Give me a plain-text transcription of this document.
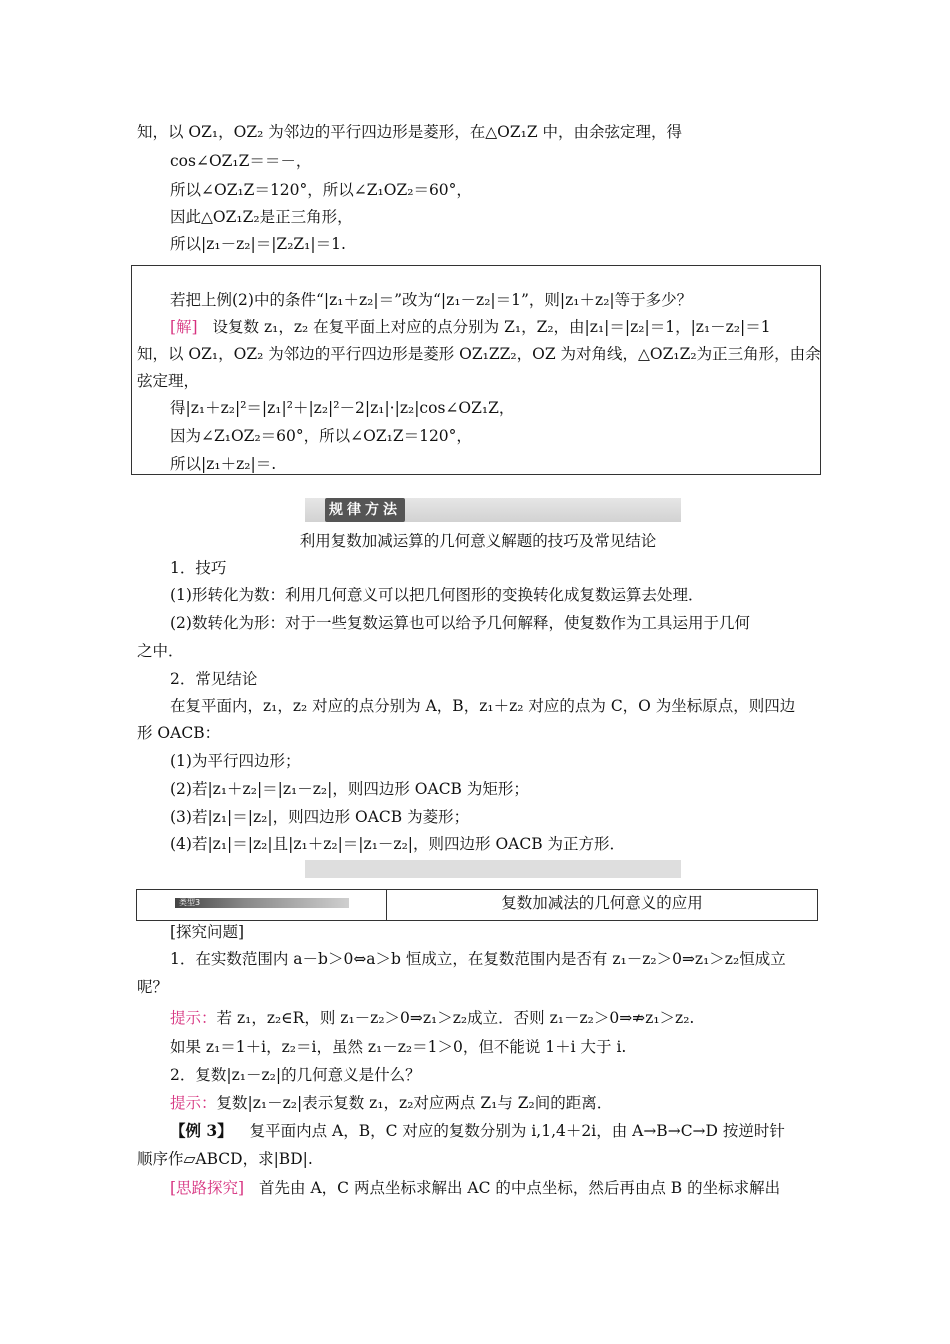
知，以 OZ₁，OZ₂ 为邻边的平行四边形是菱形，在△OZ₁Z 中，由余弦定理，得
cos∠OZ₁Z＝＝－，
所以∠OZ₁Z＝120°，所以∠Z₁OZ₂＝60°，
因此△OZ₁Z₂是正三角形，
所以|z₁－z₂|＝|Z₂Z₁|＝1.
若把上例(2)中的条件“|z₁＋z₂|＝”改为“|z₁－z₂|＝1”，则|z₁＋z₂|等于多少？
[解] 设复数 z₁，z₂ 在复平面上对应的点分别为 Z₁，Z₂，由|z₁|＝|z₂|＝1，|z₁－z₂|＝1
知，以 OZ₁，OZ₂ 为邻边的平行四边形是菱形 OZ₁ZZ₂，OZ 为对角线，△OZ₁Z₂为正三角形，由余
弦定理，
得|z₁＋z₂|²＝|z₁|²＋|z₂|²－2|z₁|·|z₂|cos∠OZ₁Z，
因为∠Z₁OZ₂＝60°，所以∠OZ₁Z＝120°，
所以|z₁＋z₂|＝.
规律方法
利用复数加减运算的几何意义解题的技巧及常见结论
1．技巧
(1)形转化为数：利用几何意义可以把几何图形的变换转化成复数运算去处理．
(2)数转化为形：对于一些复数运算也可以给予几何解释，使复数作为工具运用于几何
之中．
2．常见结论
在复平面内，z₁，z₂ 对应的点分别为 A，B，z₁＋z₂ 对应的点为 C，O 为坐标原点，则四边
形 OACB：
(1)为平行四边形；
(2)若|z₁＋z₂|＝|z₁－z₂|，则四边形 OACB 为矩形；
(3)若|z₁|＝|z₂|，则四边形 OACB 为菱形；
(4)若|z₁|＝|z₂|且|z₁＋z₂|＝|z₁－z₂|，则四边形 OACB 为正方形．
类型3	复数加减法的几何意义的应用
[探究问题]
1．在实数范围内 a－b＞0⇔a＞b 恒成立，在复数范围内是否有 z₁－z₂＞0⇒z₁＞z₂恒成立
呢？
提示：若 z₁，z₂∈R，则 z₁－z₂＞0⇒z₁＞z₂成立．否则 z₁－z₂＞0⇒⇏z₁＞z₂.
如果 z₁＝1＋i，z₂＝i，虽然 z₁－z₂＝1＞0，但不能说 1＋i 大于 i.
2．复数|z₁－z₂|的几何意义是什么？
提示：复数|z₁－z₂|表示复数 z₁，z₂对应两点 Z₁与 Z₂间的距离．
【例 3】 复平面内点 A，B，C 对应的复数分别为 i,1,4＋2i，由 A→B→C→D 按逆时针
顺序作▱ABCD，求|BD|.
[思路探究] 首先由 A，C 两点坐标求解出 AC 的中点坐标，然后再由点 B 的坐标求解出
